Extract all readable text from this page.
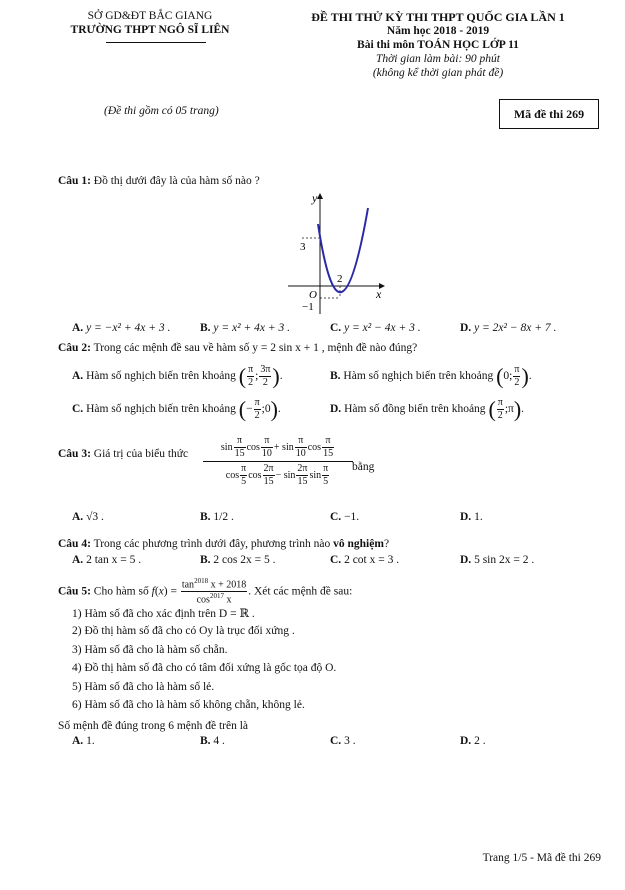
SỞ GD&ĐT BẮC GIANG
TRƯỜNG THPT NGÔ SĨ LIÊN
ĐỀ THI THỬ KỲ THI THPT QUỐC GIA LẦN 1
Năm học 2018 - 2019
Bài thi môn TOÁN HỌC LỚP 11
Thời gian làm bài: 90 phút
(không kể thời gian phát đề)
(Đề thi gồm có 05 trang)	Mã đề thi 269
Câu 1: Đồ thị dưới đây là của hàm số nào ?
y
x
O
3
2
−1
A. y = −x² + 4x + 3 .	B. y = x² + 4x + 3 .	C. y = x² − 4x + 3 .	D. y = 2x² − 8x + 7 .
Câu 2: Trong các mệnh đề sau về hàm số y = 2 sin x + 1 , mệnh đề nào đúng?
A. Hàm số nghịch biến trên khoảng ( $\frac{\pi}{2}$ ; $\frac{3\pi}{2}$ ).	B. Hàm số nghịch biến trên khoảng (0; $\frac{\pi}{2}$ ).
C. Hàm số nghịch biến trên khoảng (− $\frac{\pi}{2}$ ;0).	D. Hàm số đồng biến trên khoảng ( $\frac{\pi}{2}$ ;π).
Câu 3: Giá trị của biểu thức
$\sin \frac{\pi}{15}$ $\cos \frac{\pi}{10} + \sin \frac{\pi}{10}$ $\cos \frac{\pi}{15}$
$\cos \frac{\pi}{5}$ $\cos \frac{2\pi}{15} - \sin \frac{2\pi}{15}$ $\sin \frac{\pi}{5}$ bằng
A. √3 .	B. 1/2 .	C. −1.	D. 1.
Câu 4: Trong các phương trình dưới đây, phương trình nào vô nghiệm?
A. 2 tan x = 5 .	B. 2 cos 2x = 5 .	C. 2 cot x = 3 .	D. 5 sin 2x = 2 .
Câu 5: Cho hàm số $f(x) = \frac{\tan^{2018} x + 2018}{\cos^{2017} x}$ . Xét các mệnh đề sau:
1) Hàm số đã cho xác định trên D = ℝ .
2) Đồ thị hàm số đã cho có Oy là trục đối xứng .
3) Hàm số đã cho là hàm số chẵn.
4) Đồ thị hàm số đã cho có tâm đối xứng là gốc tọa độ O.
5) Hàm số đã cho là hàm số lẻ.
6) Hàm số đã cho là hàm số không chẵn, không lẻ.
Số mệnh đề đúng trong 6 mệnh đề trên là
A. 1.	B. 4 .	C. 3 .	D. 2 .
Trang 1/5 - Mã đề thi 269
